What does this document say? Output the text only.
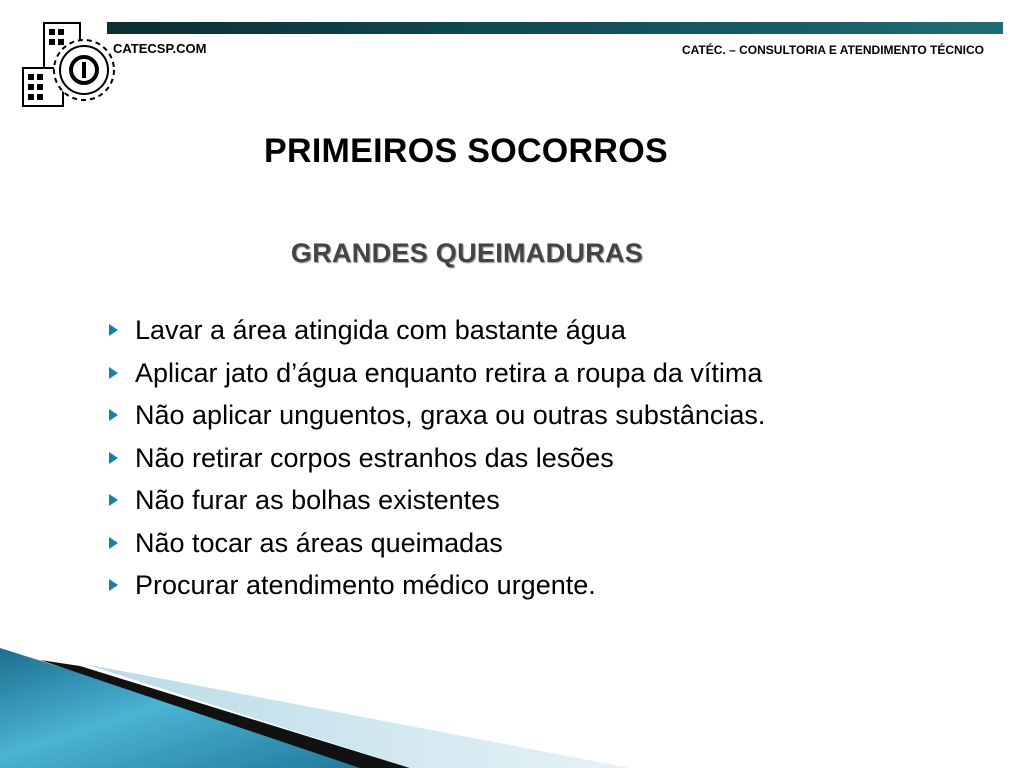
CATECSP.COM	CATÉC. – CONSULTORIA E ATENDIMENTO TÉCNICO
PRIMEIROS SOCORROS
GRANDES QUEIMADURAS
Lavar a área atingida com bastante água
Aplicar jato d’água enquanto retira a roupa da vítima
Não aplicar unguentos, graxa ou outras substâncias.
Não retirar corpos estranhos das lesões
Não furar as bolhas existentes
Não tocar as áreas queimadas
Procurar atendimento médico urgente.
